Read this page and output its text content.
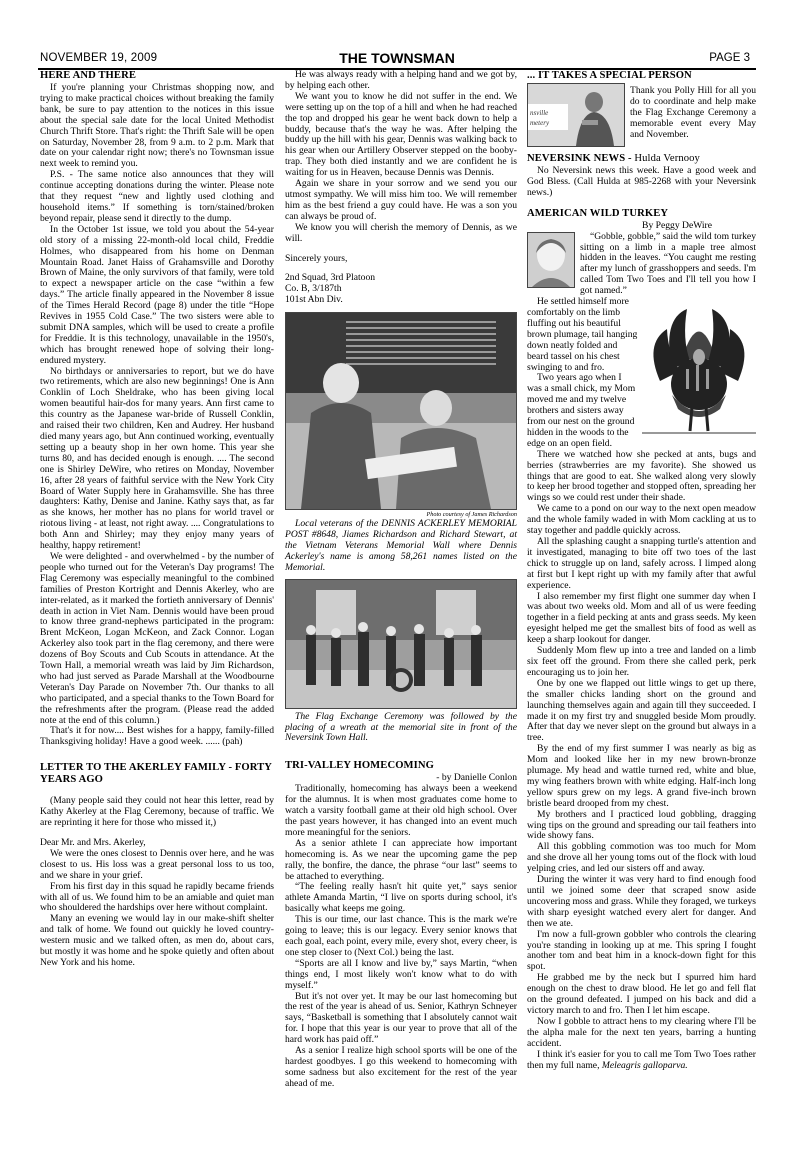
NOVEMBER 19, 2009	THE TOWNSMAN	PAGE 3
HERE AND THERE

If you're planning your Christmas shopping now, and trying to make practical choices without breaking the family bank, be sure to pay attention to the notices in this issue about the special sale date for the local United Methodist Church Thrift Store. That's right: the Thrift Sale will be open on Saturday, November 28, from 9 a.m. to 2 p.m. Mark that date on your calendar right now; there's no Townsman issue next week to remind you.

P.S. - The same notice also announces that they will continue accepting donations during the winter. Please note that they request “new and lightly used clothing and household items.” If something is torn/stained/broken beyond repair, please send it directly to the dump.

In the October 1st issue, we told you about the 54-year old story of a missing 22-month-old local child, Freddie Holmes, who disappeared from his home on Denman Mountain Road. Janet Haiss of Grahamsville and Dorothy Brown of Maine, the only survivors of that family, were told to expect a newspaper article on the case “within a few days.” The article finally appeared in the November 8 issue of the Times Herald Record (page 8) under the title “Hope Revives in 1955 Cold Case.” The two sisters were able to submit DNA samples, which will be used to create a profile for Freddie. It is this technology, unavailable in the 1950's, which has brought renewed hope of solving their long-endured mystery.

No birthdays or anniversaries to report, but we do have two retirements, which are also new beginnings! One is Ann Conklin of Loch Sheldrake, who has been giving local women beautiful hair-dos for many years. Ann first came to this country as the Japanese war-bride of Russell Conklin, and raised their two children, Ken and Audrey. Her husband died many years ago, but Ann continued working, eventually setting up a beauty shop in her own home. This year she turns 80, and has decided enough is enough. .... The second one is Shirley DeWire, who retires on Monday, November 16, after 28 years of faithful service with the New York City Board of Water Supply here in Grahamsville. She has three daughters: Kathy, Denise and Janine. Kathy says that, as far as she knows, her mother has no plans for world travel or riotous living - at least, not right away. .... Congratulations to both Ann and Shirley; may they enjoy many years of healthy, happy retirement!

We were delighted - and overwhelmed - by the number of people who turned out for the Veteran's Day programs! The Flag Ceremony was especially meaningful to the combined families of Preston Kortright and Dennis Akerley, who are inter-related, as it marked the fortieth anniversary of Dennis' death in action in Viet Nam. Dennis would have been proud to know three grand-nephews participated in the program: Brent McKeon, Logan McKeon, and Zack Connor. Logan Ackerley also took part in the flag ceremony, and there were dozens of Boy Scouts and Cub Scouts in attendance. At the Town Hall, a memorial wreath was laid by Jim Richardson, who had just served as Parade Marshall at the Woodbourne Veteran's Day Parade on November 7th. Our thanks to all who participated, and a special thanks to the Town Board for the refreshments after the program. (Please read the added note at the end of this column.)

That's it for now.... Best wishes for a happy, family-filled Thanksgiving holiday! Have a good week. ...... (pah)

LETTER TO THE AKERLEY FAMILY - FORTY YEARS AGO

(Many people said they could not hear this letter, read by Kathy Akerley at the Flag Ceremony, because of traffic. We are reprinting it here for those who missed it,)

Dear Mr. and Mrs. Akerley,

We were the ones closest to Dennis over here, and he was closest to us. His loss was a great personal loss to us too, and we share in your grief.

From his first day in this squad he rapidly became friends with all of us. We found him to be an amiable and quiet man who shouldered the hardships over here without complaint.

Many an evening we would lay in our make-shift shelter and talk of home. We found out quickly he loved country-western music and we talked often, as men do, about cars, but mostly it was home and he spoke quietly and often about New York and his home.

He was always ready with a helping hand and we got by, by helping each other.

We want you to know he did not suffer in the end. We were setting up on the top of a hill and when he had reached the top and dropped his gear he went back down to help a buddy, because that's the way he was. After helping the buddy up the hill with his gear, Dennis was walking back to his gear when our Artillery Observer stepped on the booby-trap. They both died instantly and we are confident he is waiting for us in Heaven, because Dennis was Dennis.

Again we share in your sorrow and we send you our utmost sympathy. We will miss him too. We will remember him as the best friend a guy could have. He was a son you can always be proud of.

We know you will cherish the memory of Dennis, as we will.

Sincerely yours,

2nd Squad, 3rd Platoon

Co. B, 3/187th

101st Abn Div.

Photo courtesy of James Richardson

Local veterans of the DENNIS ACKERLEY MEMORIAL POST #8648, Jiames Richardson and Richard Stewart, at the Vietnam Veterans Memorial Wall where Dennis Ackerley's name is among 58,261 names listed on the Memorial.

The Flag Exchange Ceremony was followed by the placing of a wreath at the memorial site in front of the Neversink Town Hall.

TRI-VALLEY HOMECOMING

- by Danielle Conlon

Traditionally, homecoming has always been a weekend for the alumnus. It is when most graduates come home to watch a varsity football game at their old high school. Over the past years however, it has changed into an event much more meaningful for the seniors.

As a senior athlete I can appreciate how important homecoming is. As we near the upcoming game the pep rally, the bonfire, the dance, the phrase “our last” seems to be attached to everything.

“The feeling really hasn't hit quite yet,” says senior athlete Amanda Martin, “I live on sports during school, it's basically what keeps me going.

This is our time, our last chance. This is the mark we're going to leave; this is our legacy. Every senior knows that each goal, each point, every mile, every shot, every cheer, is one step closer to (Next Col.) being the last.

“Sports are all I know and live by,” says Martin, “when things end, I most likely won't know what to do with myself.”

But it's not over yet. It may be our last homecoming but the rest of the year is ahead of us. Senior, Kathryn Schneyer says, “Basketball is something that I absolutely cannot wait for. I hope that this year is our year to prove that all of the hard work has paid off.”

As a senior I realize high school sports will be one of the hardest goodbyes. I go this weekend to homecoming with some sadness but also excitement for the rest of the year ahead of me.

... IT TAKES A SPECIAL PERSON
nsville
metery

Thank you Polly Hill for all you do to coordinate and help make the Flag Exchange Ceremony a memorable event every May and November.

NEVERSINK NEWS - Hulda Vernooy

No Neversink news this week. Have a good week and God Bless. (Call Hulda at 985-2268 with your Neversink news.)

AMERICAN WILD TURKEY

By Peggy DeWire

“Gobble, gobble,” said the wild tom turkey sitting on a limb in a maple tree almost hidden in the leaves. “You caught me resting after my lunch of grasshoppers and seeds. I'm called Tom Two Toes and I'll tell you how I got named.”

He settled himself more comfortably on the limb fluffing out his beautiful brown plumage, tail hanging down neatly folded and beard tassel on his chest swinging to and fro.

Two years ago when I was a small chick, my Mom moved me and my twelve brothers and sisters away from our nest on the ground hidden in the woods to the edge on an open field.

There we watched how she pecked at ants, bugs and berries (strawberries are my favorite). She showed us things that are good to eat. She walked along very slowly to keep her brood together and stopped often, spreading her wings so we could rest under their shade.

We came to a pond on our way to the next open meadow and the whole family waded in with Mom cackling at us to stay together and paddle quickly across.

All the splashing caught a snapping turtle's attention and it investigated, managing to bite off two toes of the last chick to struggle up on land, safely across. I limped along at first but I kept right up with my family after that awful experience.

I also remember my first flight one summer day when I was about two weeks old. Mom and all of us were feeding together in a field pecking at ants and grass seeds. My keen eyesight helped me get the smallest bits of food as well as keep a sharp lookout for danger.

Suddenly Mom flew up into a tree and landed on a limb six feet off the ground. From there she called perk, perk encouraging us to join her.

One by one we flapped out little wings to get up there, the smaller chicks landing short on the ground and launching themselves again and again till they succeeded. I made it on my first try and snuggled beside Mom proudly. After that day we never slept on the ground but always in a tree.

By the end of my first summer I was nearly as big as Mom and looked like her in my new brown-bronze plumage. My head and wattle turned red, white and blue, my wing feathers brown with white edging. Half-inch long yellow spurs grew on my legs. A grand five-inch brown bristle beard drooped from my chest.

My brothers and I practiced loud gobbling, dragging wing tips on the ground and spreading our tail feathers into wide showy fans.

All this gobbling commotion was too much for Mom and she drove all her young toms out of the flock with loud yelping cries, and led our sisters off and away.

During the winter it was very hard to find enough food until we joined some deer that scraped snow aside uncovering moss and grass. While they foraged, we turkeys with sharp eyesight watched every alert for danger. And then we ate.

I'm now a full-grown gobbler who controls the clearing you're standing in looking up at me. This spring I fought another tom and beat him in a knock-down fight for this spot.

He grabbed me by the neck but I spurred him hard enough on the chest to draw blood. He let go and fell flat on the ground defeated. I jumped on his back and did a victory march to and fro. Then I let him escape.

Now I gobble to attract hens to my clearing where I'll be the alpha male for the next ten years, barring a hunting accident.

I think it's easier for you to call me Tom Two Toes rather then my full name, Meleagris galloparva.
